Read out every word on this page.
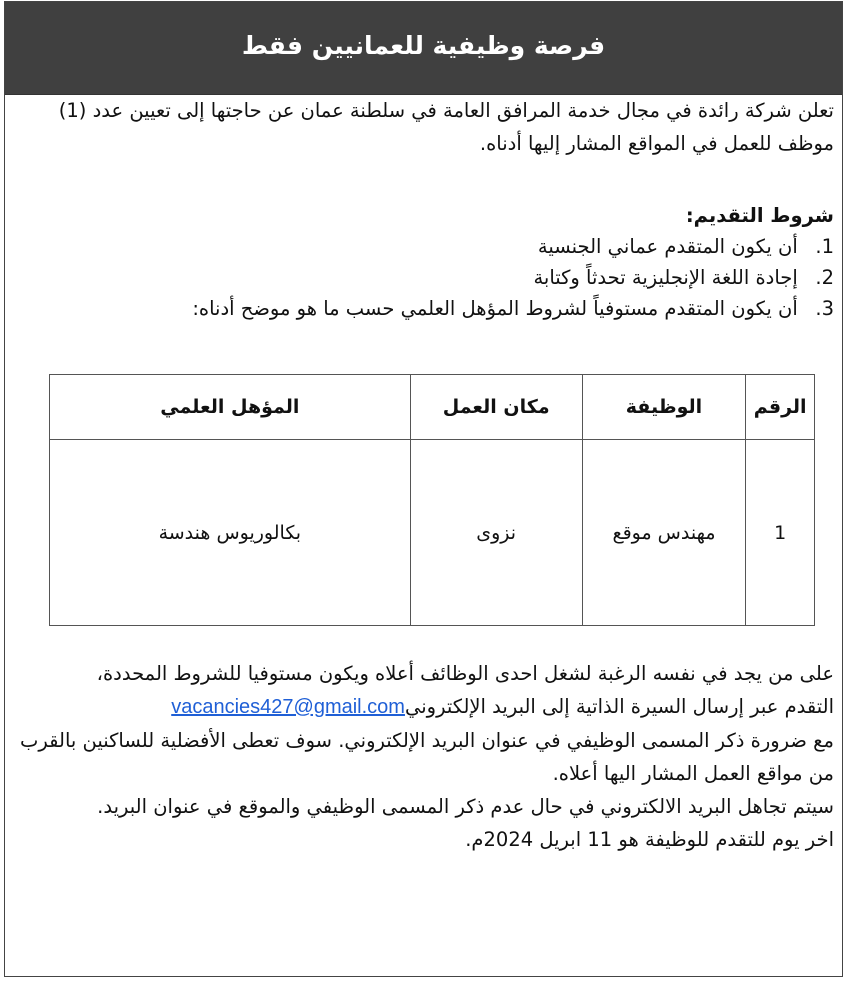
فرصة وظيفية للعمانيين فقط

تعلن شركة رائدة في مجال خدمة المرافق العامة في سلطنة عمان عن حاجتها إلى تعيين عدد (1) موظف للعمل في المواقع المشار إليها أدناه.

شروط التقديم:
1. أن يكون المتقدم عماني الجنسية
2. إجادة اللغة الإنجليزية تحدثاً وكتابة
3. أن يكون المتقدم مستوفياً لشروط المؤهل العلمي حسب ما هو موضح أدناه:
الرقم	الوظيفة	مكان العمل	المؤهل العلمي
1	مهندس موقع	نزوى	بكالوريوس هندسة

على من يجد في نفسه الرغبة لشغل احدى الوظائف أعلاه ويكون مستوفيا للشروط المحددة،

التقدم عبر إرسال السيرة الذاتية إلى البريد الإلكترونيvacancies427@gmail.com

مع ضرورة ذكر المسمى الوظيفي في عنوان البريد الإلكتروني. سوف تعطى الأفضلية للساكنين بالقرب من مواقع العمل المشار اليها أعلاه.

سيتم تجاهل البريد الالكتروني في حال عدم ذكر المسمى الوظيفي والموقع في عنوان البريد.

اخر يوم للتقدم للوظيفة هو 11 ابريل 2024م.
